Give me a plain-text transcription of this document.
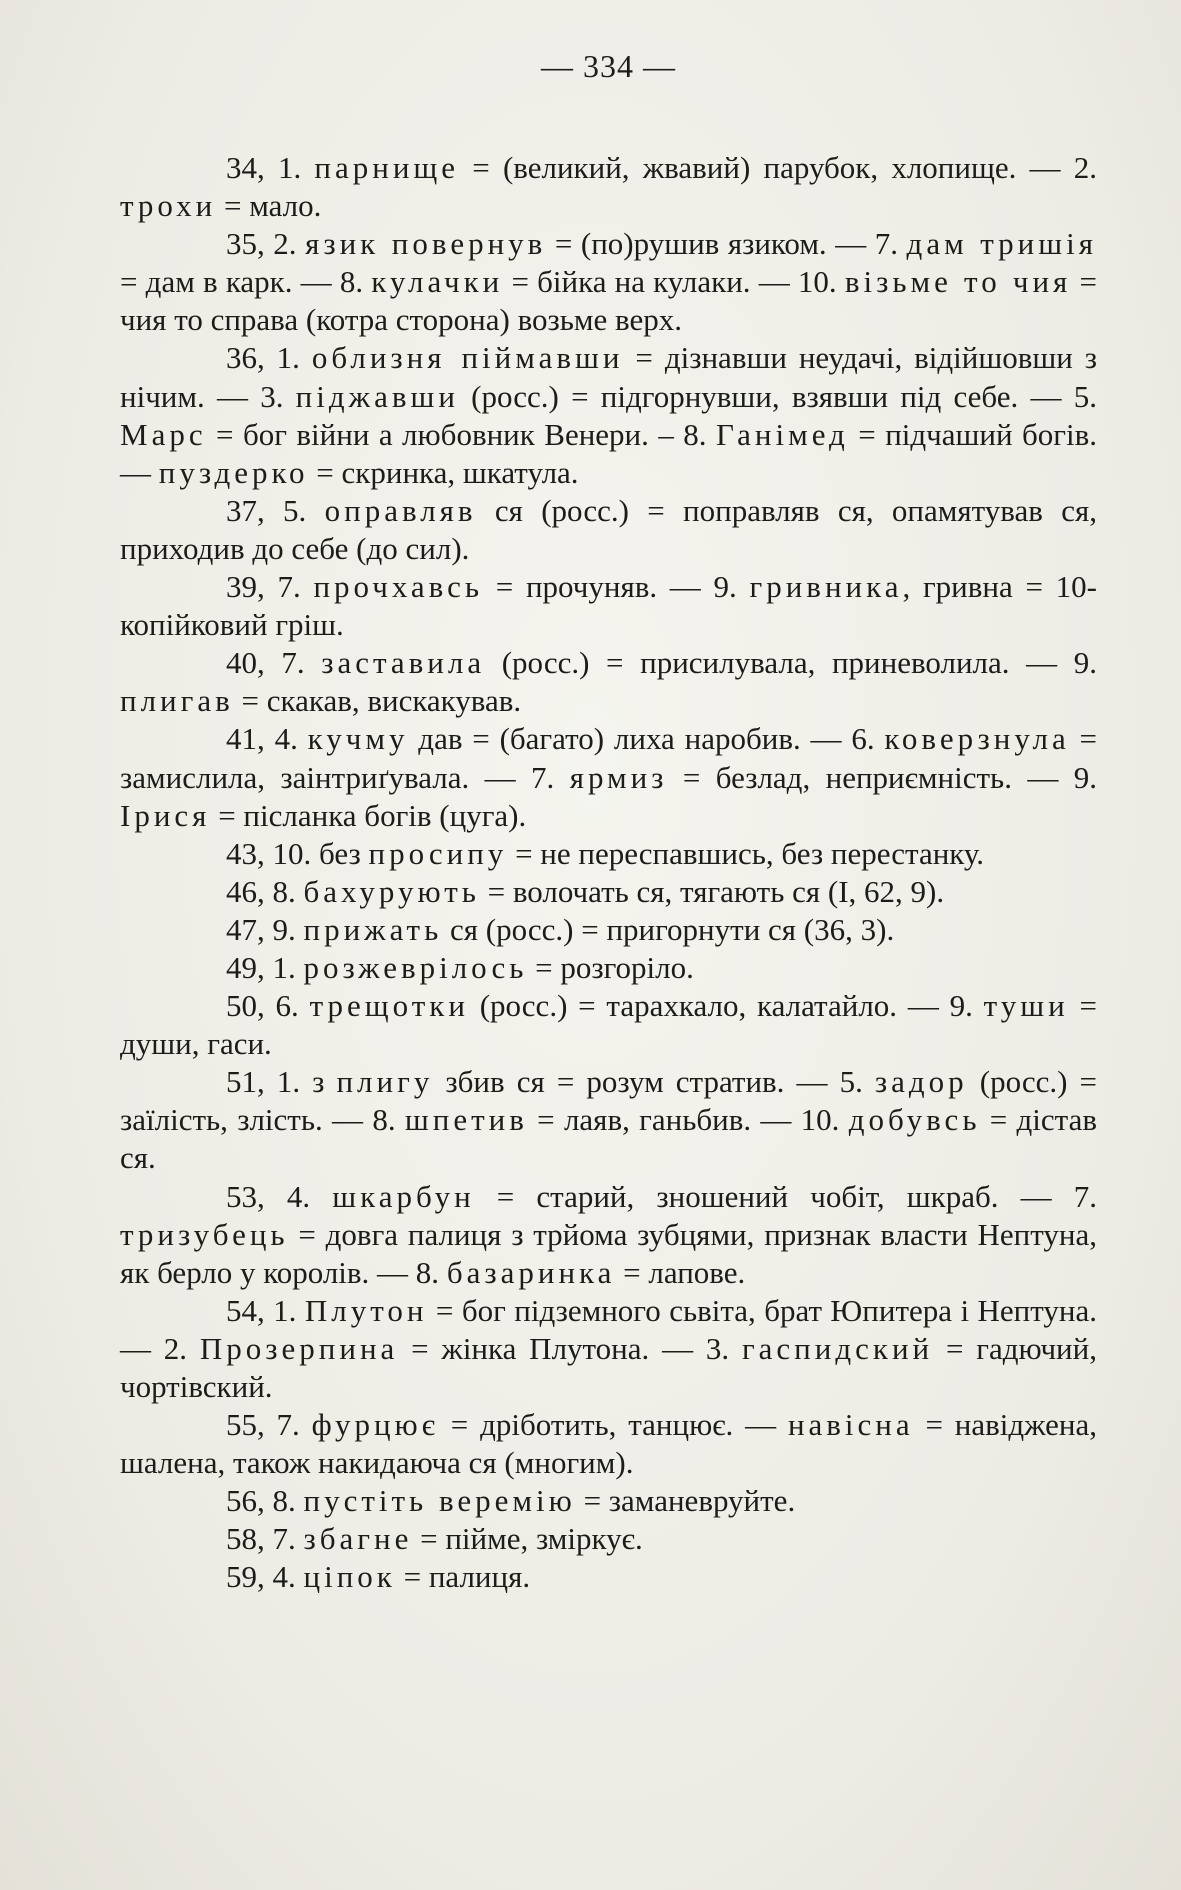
— 334 —

34, 1. парнище = (великий, жвавий) парубок, хлопище. — 2. трохи = мало.

35, 2. язик повернув = (по)рушив язиком. — 7. дам тришія = дам в карк. — 8. кулачки = бійка на кулаки. — 10. візьме то чия = чия то справа (котра сторона) возьме верх.

36, 1. облизня піймавши = дізнавши неудачі, відійшовши з нічим. — 3. піджавши (росс.) = підгорнувши, взявши під себе. — 5. Марс = бог війни а любовник Венери. – 8. Ганімед = підчаший богів. — пуздерко = скринка, шкатула.

37, 5. оправляв ся (росс.) = поправляв ся, опамятував ся, приходив до себе (до сил).

39, 7. прочхавсь = прочуняв. — 9. гривника, гривна = 10-копійковий гріш.

40, 7. заставила (росс.) = присилувала, приневолила. — 9. плигав = скакав, вискакував.

41, 4. кучму дав = (багато) лиха наробив. — 6. коверзнула = замислила, заінтриґувала. — 7. ярмиз = безлад, неприємність. — 9. Ірися = післанка богів (цуга).

43, 10. без просипу = не переспавшись, без перестанку.

46, 8. бахурують = волочать ся, тягають ся (I, 62, 9).

47, 9. прижать ся (росс.) = пригорнути ся (36, 3).

49, 1. розжеврілось = розгоріло.

50, 6. трещотки (росс.) = тарахкало, калатайло. — 9. туши = души, гаси.

51, 1. з плигу збив ся = розум стратив. — 5. задор (росс.) = заїлість, злість. — 8. шпетив = лаяв, ганьбив. — 10. добувсь = дістав ся.

53, 4. шкарбун = старий, зношений чобіт, шкраб. — 7. тризубець = довга палиця з трйома зубцями, признак власти Нептуна, як берло у королів. — 8. базаринка = лапове.

54, 1. Плутон = бог підземного сьвіта, брат Юпитера і Нептуна. — 2. Прозерпина = жінка Плутона. — 3. гаспидский = гадючий, чортівский.

55, 7. фурцює = дріботить, танцює. — навісна = навіджена, шалена, також накидаюча ся (многим).

56, 8. пустіть веремію = заманевруйте.

58, 7. збагне = пійме, зміркує.

59, 4. ціпок = палиця.
